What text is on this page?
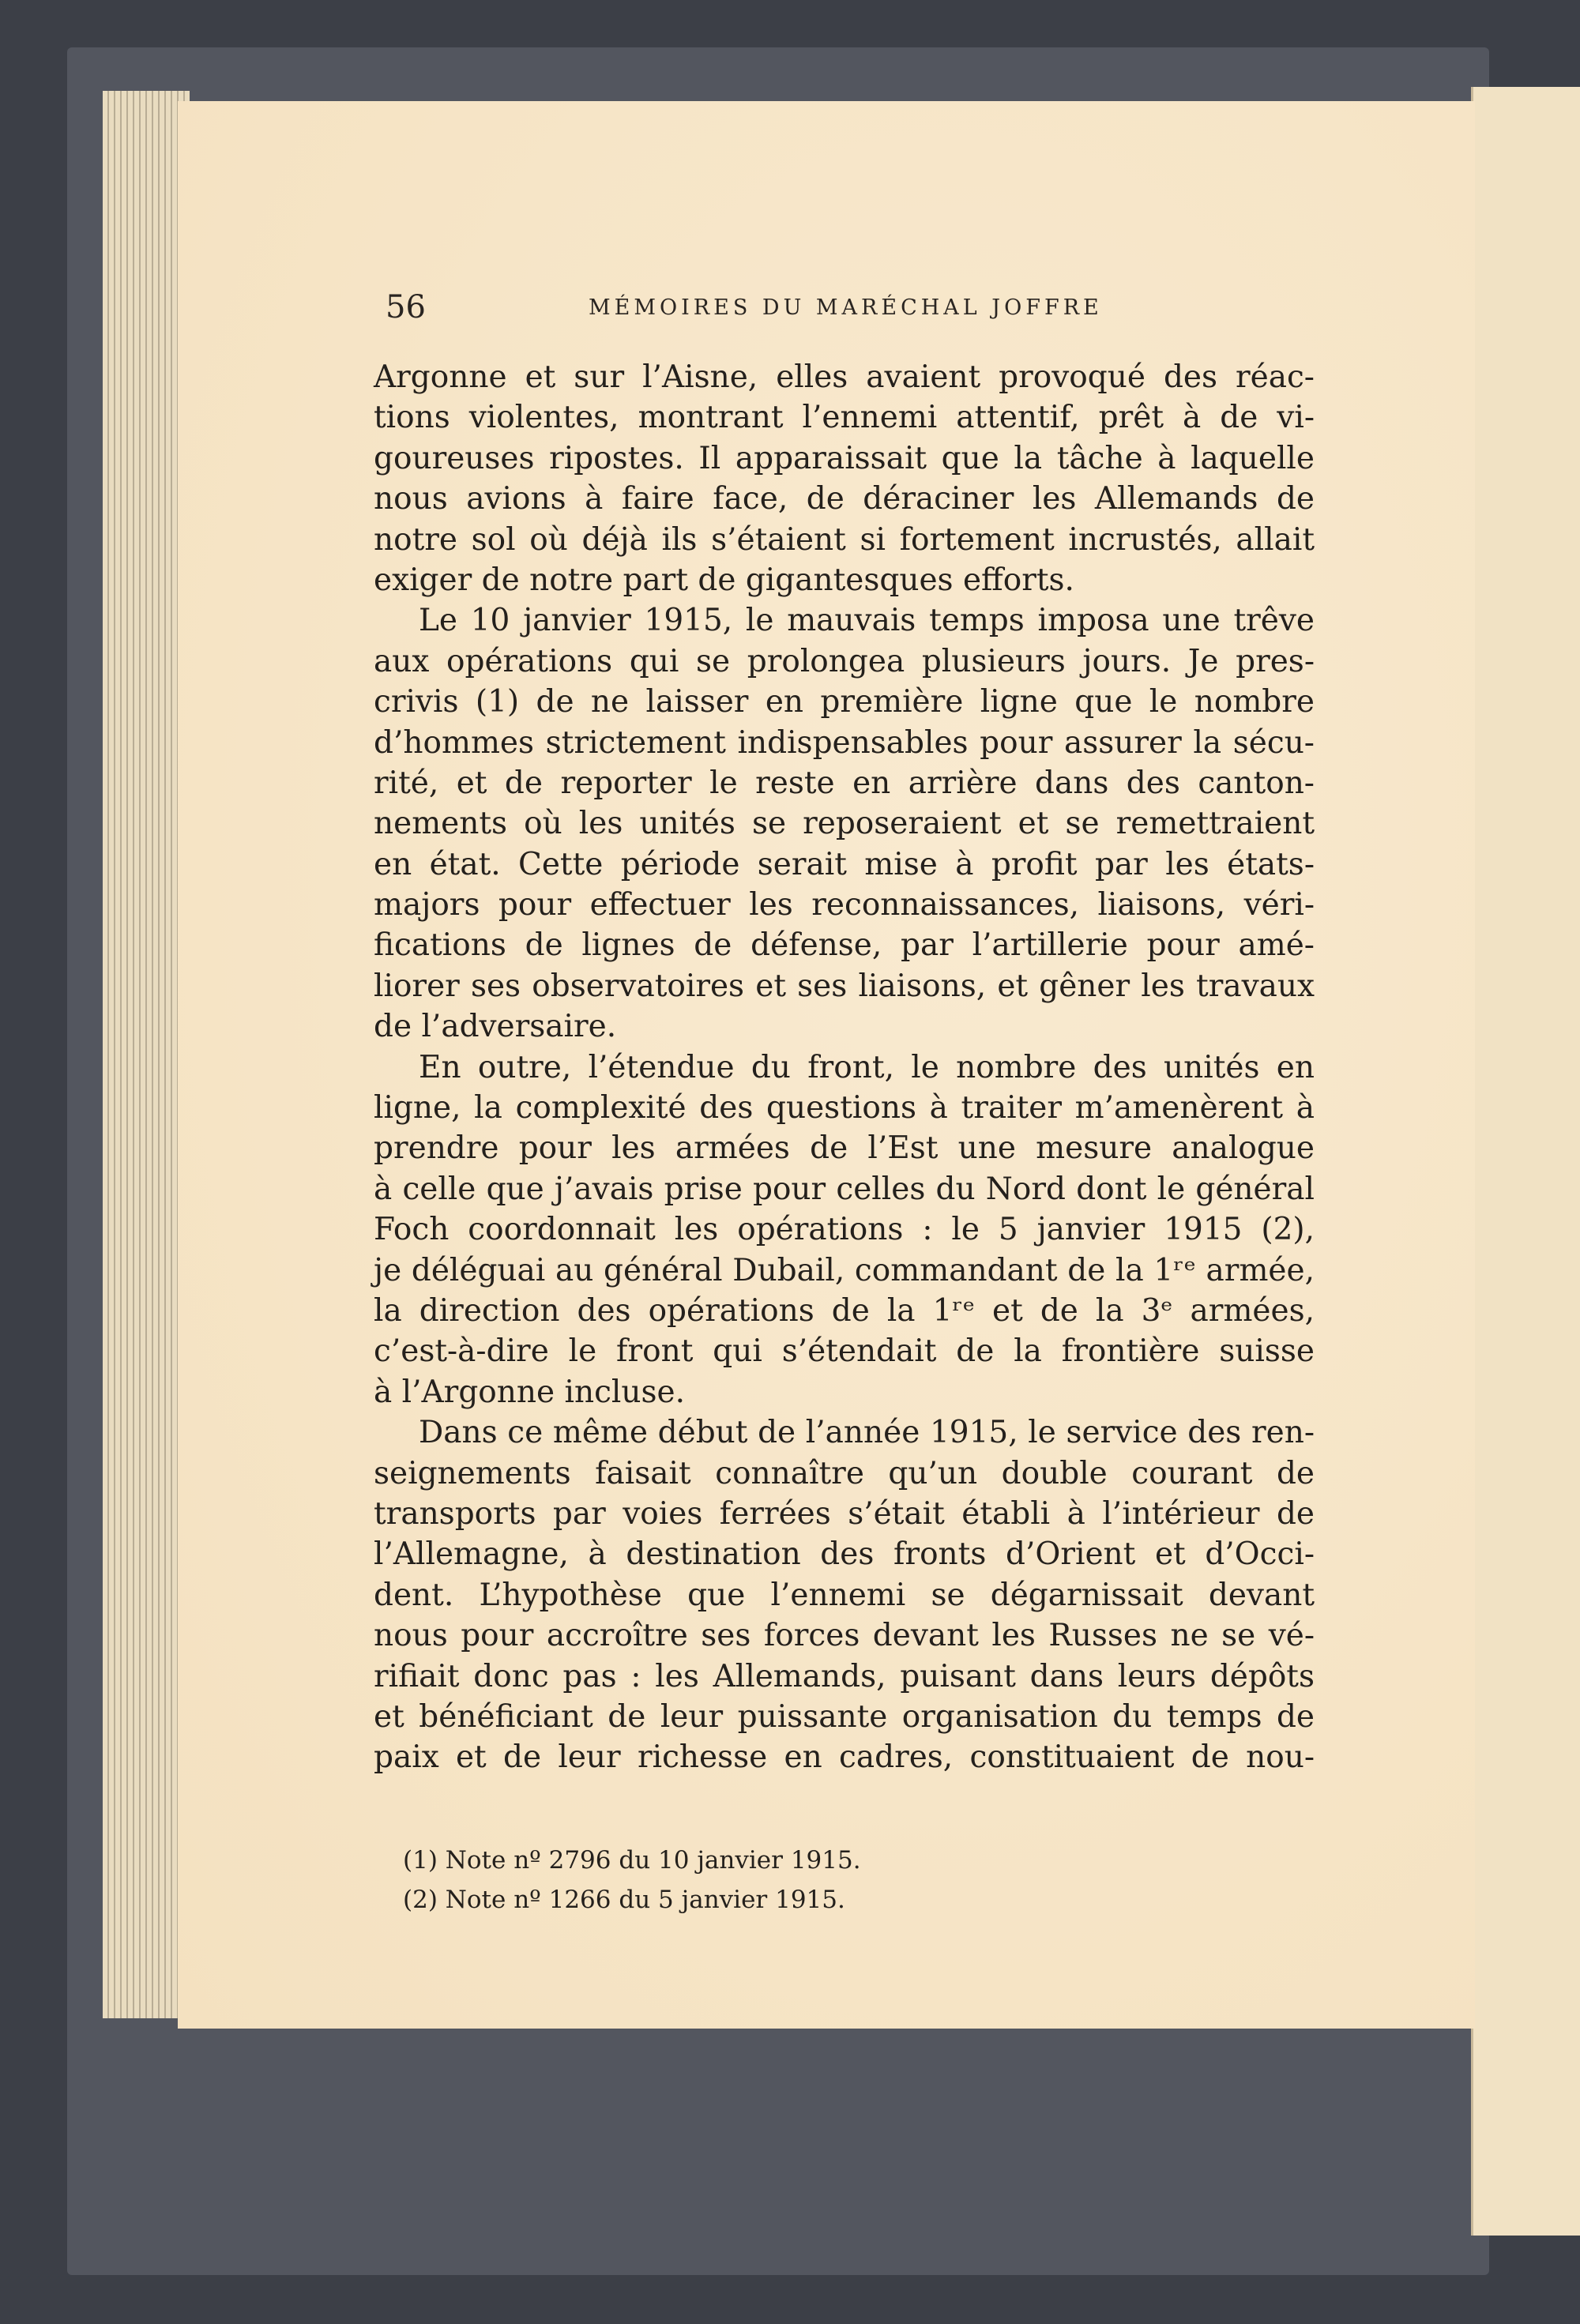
56	MÉMOIRES DU MARÉCHAL JOFFRE
Argonne et sur l’Aisne, elles avaient provoqué des réac-
tions violentes, montrant l’ennemi attentif, prêt à de vi-
goureuses ripostes. Il apparaissait que la tâche à laquelle
nous avions à faire face, de déraciner les Allemands de
notre sol où déjà ils s’étaient si fortement incrustés, allait
exiger de notre part de gigantesques efforts.
Le 10 janvier 1915, le mauvais temps imposa une trêve
aux opérations qui se prolongea plusieurs jours. Je pres-
crivis (1) de ne laisser en première ligne que le nombre
d’hommes strictement indispensables pour assurer la sécu-
rité, et de reporter le reste en arrière dans des canton-
nements où les unités se reposeraient et se remettraient
en état. Cette période serait mise à profit par les états-
majors pour effectuer les reconnaissances, liaisons, véri-
fications de lignes de défense, par l’artillerie pour amé-
liorer ses observatoires et ses liaisons, et gêner les travaux
de l’adversaire.
En outre, l’étendue du front, le nombre des unités en
ligne, la complexité des questions à traiter m’amenèrent à
prendre pour les armées de l’Est une mesure analogue
à celle que j’avais prise pour celles du Nord dont le général
Foch coordonnait les opérations : le 5 janvier 1915 (2),
je déléguai au général Dubail, commandant de la 1ʳᵉ armée,
la direction des opérations de la 1ʳᵉ et de la 3ᵉ armées,
c’est-à-dire le front qui s’étendait de la frontière suisse
à l’Argonne incluse.
Dans ce même début de l’année 1915, le service des ren-
seignements faisait connaître qu’un double courant de
transports par voies ferrées s’était établi à l’intérieur de
l’Allemagne, à destination des fronts d’Orient et d’Occi-
dent. L’hypothèse que l’ennemi se dégarnissait devant
nous pour accroître ses forces devant les Russes ne se vé-
rifiait donc pas : les Allemands, puisant dans leurs dépôts
et bénéficiant de leur puissante organisation du temps de
paix et de leur richesse en cadres, constituaient de nou-
(1) Note nº 2796 du 10 janvier 1915.
(2) Note nº 1266 du 5 janvier 1915.
